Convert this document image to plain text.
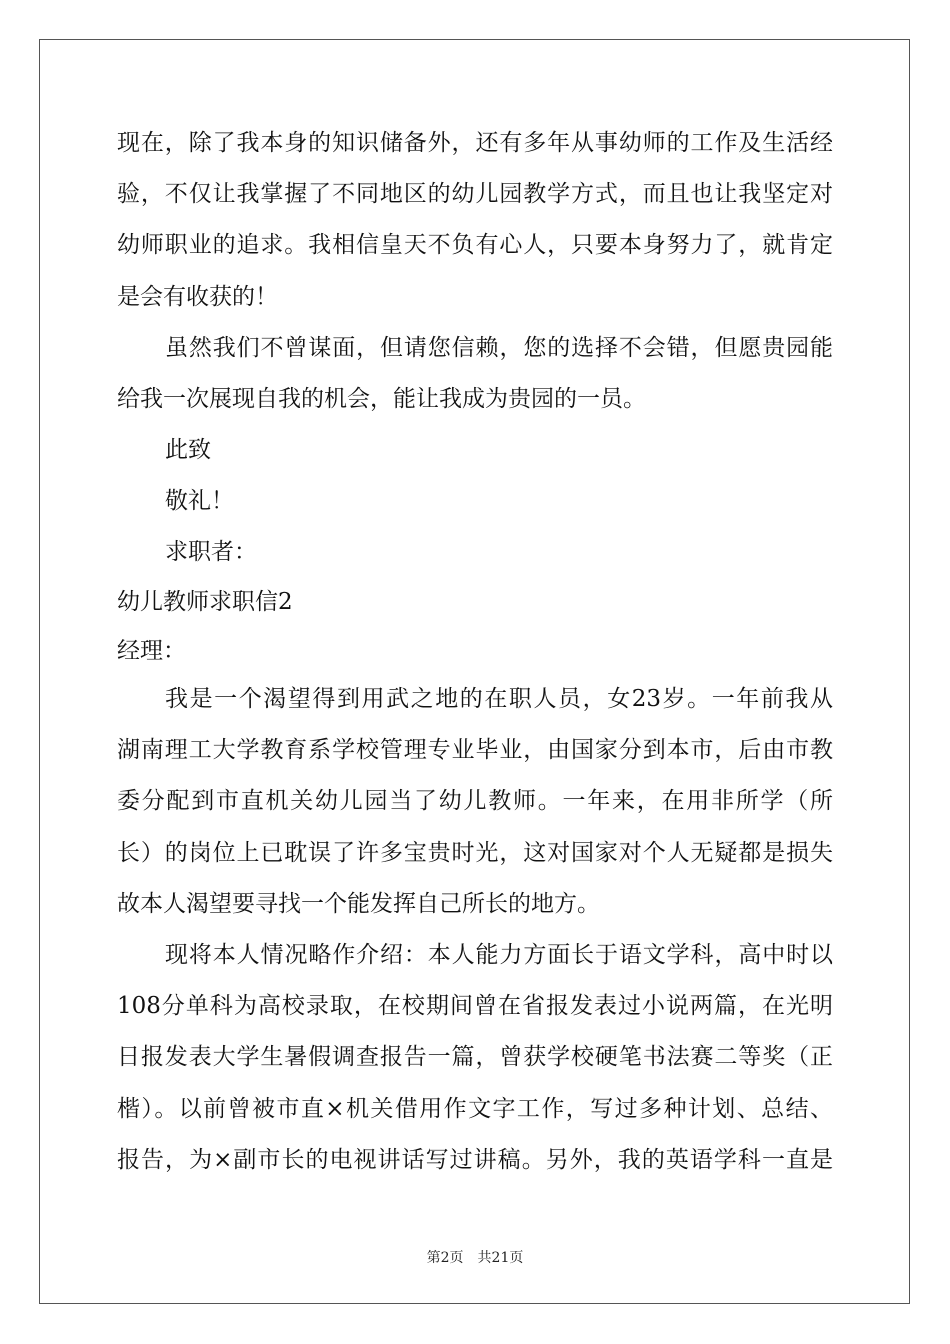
现在，除了我本身的知识储备外，还有多年从事幼师的工作及生活经
验，不仅让我掌握了不同地区的幼儿园教学方式，而且也让我坚定对
幼师职业的追求。我相信皇天不负有心人，只要本身努力了，就肯定
是会有收获的！
虽然我们不曾谋面，但请您信赖，您的选择不会错，但愿贵园能
给我一次展现自我的机会，能让我成为贵园的一员。
此致
敬礼！
求职者：
幼儿教师求职信2
经理：
我是一个渴望得到用武之地的在职人员，女23岁。一年前我从
湖南理工大学教育系学校管理专业毕业，由国家分到本市，后由市教
委分配到市直机关幼儿园当了幼儿教师。一年来，在用非所学（所
长）的岗位上已耽误了许多宝贵时光，这对国家对个人无疑都是损失
故本人渴望要寻找一个能发挥自己所长的地方。
现将本人情况略作介绍：本人能力方面长于语文学科，高中时以
108分单科为高校录取，在校期间曾在省报发表过小说两篇，在光明
日报发表大学生暑假调查报告一篇，曾获学校硬笔书法赛二等奖（正
楷）。以前曾被市直×机关借用作文字工作，写过多种计划、总结、
报告，为×副市长的电视讲话写过讲稿。另外，我的英语学科一直是
第2页 共21页
